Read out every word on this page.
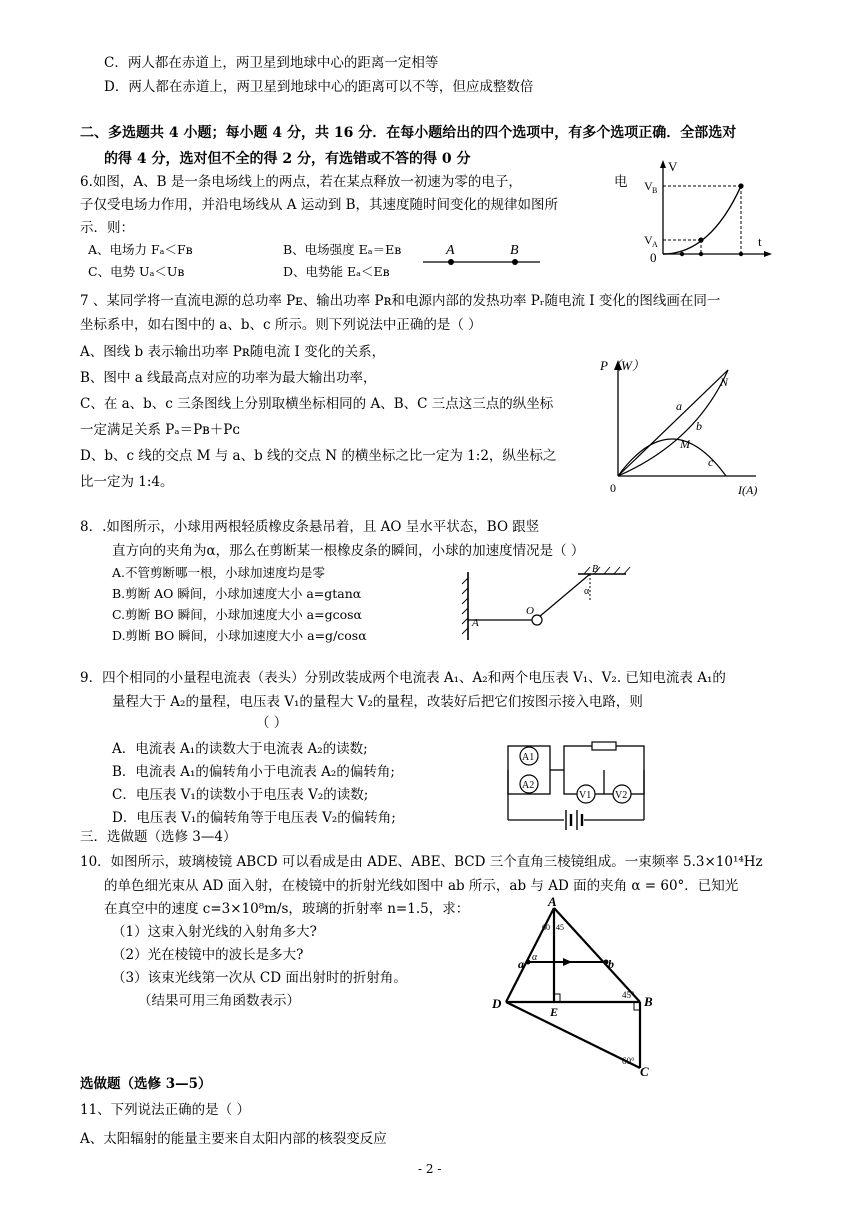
C．两人都在赤道上，两卫星到地球中心的距离一定相等
D．两人都在赤道上，两卫星到地球中心的距离可以不等，但应成整数倍
二、多选题共 4 小题；每小题 4 分，共 16 分．在每小题给出的四个选项中，有多个选项正确．全部选对
的得 4 分，选对但不全的得 2 分，有选错或不答的得 0 分
6.如图，A、B 是一条电场线上的两点，若在某点释放一初速为零的电子，	电
子仅受电场力作用，并沿电场线从 A 运动到 B，其速度随时间变化的规律如图所
示．则：
A、电场力 Fₐ＜Fʙ	B、电场强度 Eₐ＝Eʙ
C、电势 Uₐ＜Uʙ	D、电势能 Eₐ＜Eʙ
A	B
V
t
0
V B
V A
7 、某同学将一直流电源的总功率 Pᴇ、输出功率 Pʀ和电源内部的发热功率 Pᵣ随电流 I 变化的图线画在同一
坐标系中，如右图中的 a、b、c 所示。则下列说法中正确的是（ ）
A、图线 b 表示输出功率 Pʀ随电流 I 变化的关系，
B、图中 a 线最高点对应的功率为最大输出功率，
C、在 a、b、c 三条图线上分别取横坐标相同的 A、B、C 三点这三点的纵坐标
一定满足关系 Pₐ＝Pʙ＋Pᴄ
D、b、c 线的交点 M 与 a、b 线的交点 N 的横坐标之比一定为 1:2，纵坐标之
比一定为 1:4。
P（W）
I(A)
0
a
b
c
M
N
8．.如图所示，小球用两根轻质橡皮条悬吊着，且 AO 呈水平状态，BO 跟竖
直方向的夹角为α，那么在剪断某一根橡皮条的瞬间，小球的加速度情况是（ ）
A.不管剪断哪一根，小球加速度均是零
B.剪断 AO 瞬间，小球加速度大小 a=gtanα
C.剪断 BO 瞬间，小球加速度大小 a=gcosα
D.剪断 BO 瞬间，小球加速度大小 a=g/cosα
A
O
B
α
9．四个相同的小量程电流表（表头）分别改装成两个电流表 A₁、A₂和两个电压表 V₁、V₂. 已知电流表 A₁的
量程大于 A₂的量程，电压表 V₁的量程大 V₂的量程，改装好后把它们按图示接入电路，则
（ ）
A．电流表 A₁的读数大于电流表 A₂的读数;
B．电流表 A₁的偏转角小于电流表 A₂的偏转角;
C．电压表 V₁的读数小于电压表 V₂的读数;
D．电压表 V₁的偏转角等于电压表 V₂的偏转角;
A1
A2
V1 V2
三．选做题（选修 3—4）
10．如图所示，玻璃棱镜 ABCD 可以看成是由 ADE、ABE、BCD 三个直角三棱镜组成。一束频率 5.3×10¹⁴Hz
的单色细光束从 AD 面入射，在棱镜中的折射光线如图中 ab 所示，ab 与 AD 面的夹角 α = 60°．已知光
在真空中的速度 c=3×10⁸m/s，玻璃的折射率 n=1.5，求：
（1）这束入射光线的入射角多大?
（2）光在棱镜中的波长是多大?
（3）该束光线第一次从 CD 面出射时的折射角。
（结果可用三角函数表示）
A
B
C
D
E
a	b
α
60 45
45°
60°
选做题（选修 3—5）
11、下列说法正确的是（ ）
A、太阳辐射的能量主要来自太阳内部的核裂变反应
- 2 -
